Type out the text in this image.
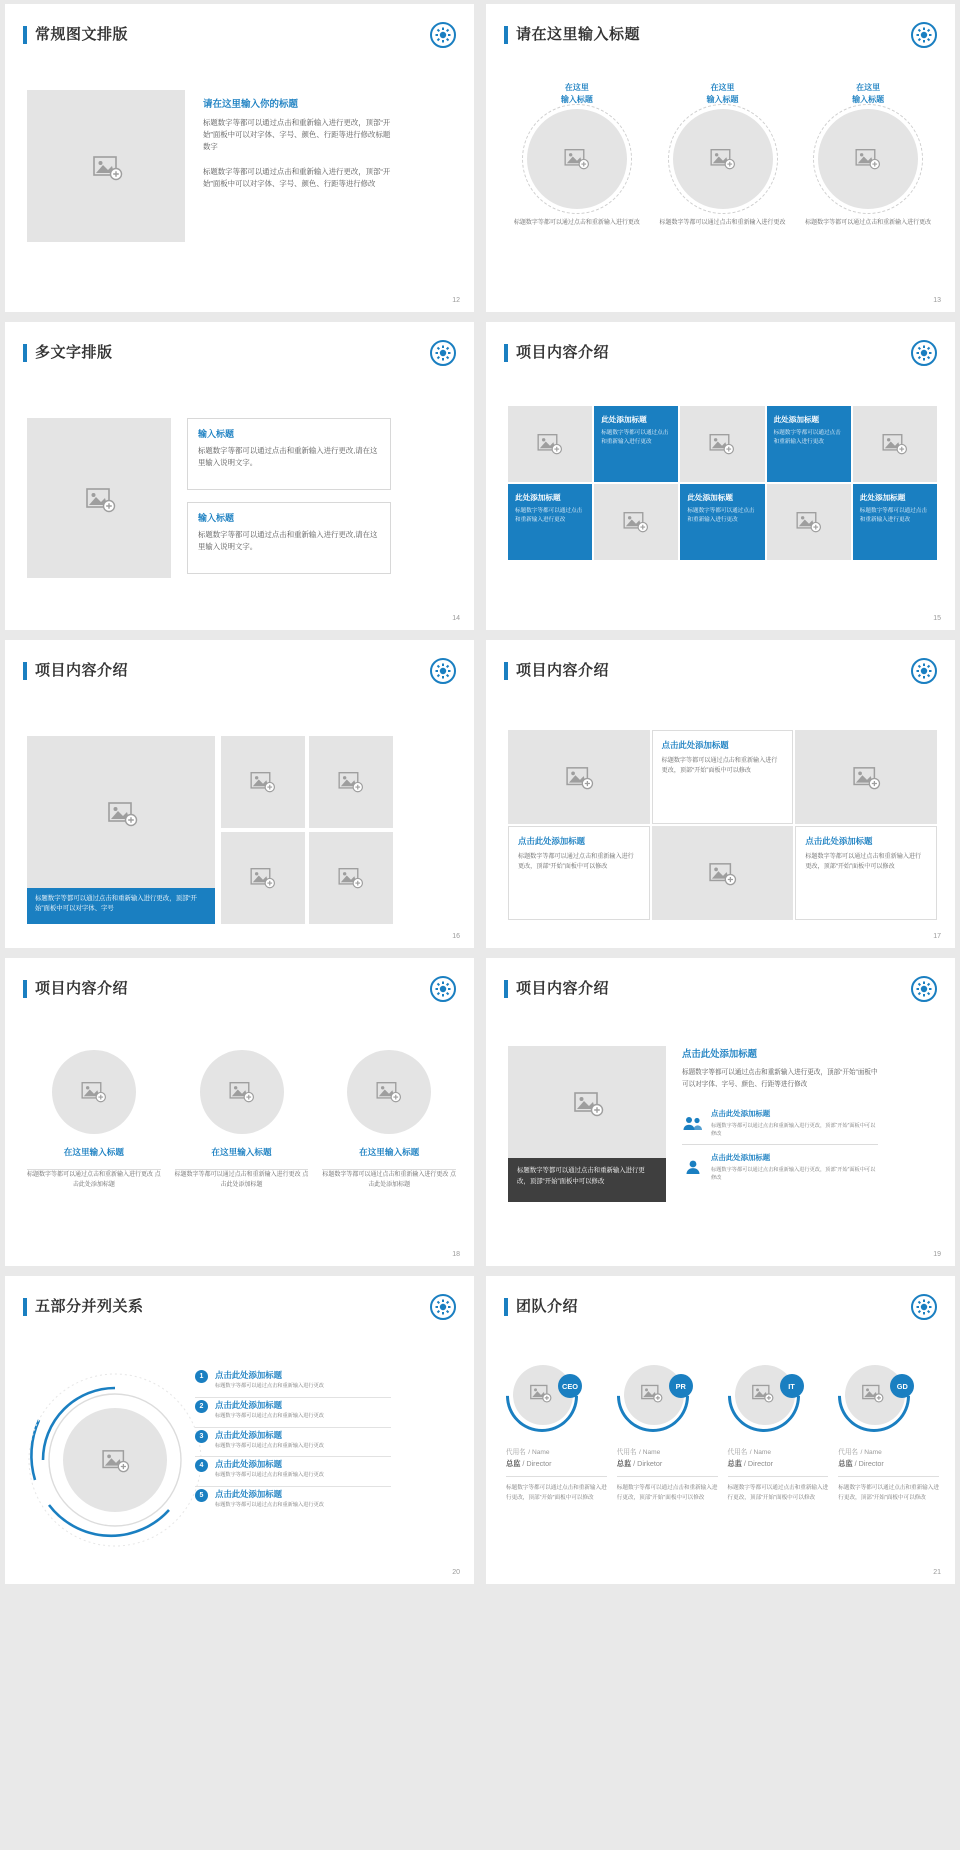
常规图文排版
请在这里输入你的标题

标题数字等都可以通过点击和重新输入进行更改，顶部“开始”面板中可以对字体、字号、颜色、行距等进行修改标题数字

标题数字等都可以通过点击和重新输入进行更改，顶部“开始”面板中可以对字体、字号、颜色、行距等进行修改

12
请在这里输入标题
在这里
输入标题
标题数字等都可以通过点击和重新输入进行更改
在这里
输入标题
标题数字等都可以通过点击和重新输入进行更改
在这里
输入标题
标题数字等都可以通过点击和重新输入进行更改
13
多文字排版
输入标题

标题数字等都可以通过点击和重新输入进行更改,请在这里输入说明文字。

输入标题

标题数字等都可以通过点击和重新输入进行更改,请在这里输入说明文字。

14
项目内容介绍
此处添加标题

标题数字等都可以通过点击和重新输入进行更改

此处添加标题

标题数字等都可以通过点击和重新输入进行更改

此处添加标题

标题数字等都可以通过点击和重新输入进行更改

此处添加标题

标题数字等都可以通过点击和重新输入进行更改

此处添加标题

标题数字等都可以通过点击和重新输入进行更改

15
项目内容介绍
标题数字等都可以通过点击和重新输入进行更改，顶部“开始”面板中可以对字体、字号
16
项目内容介绍
点击此处添加标题

标题数字等都可以通过点击和重新输入进行更改，顶部“开始”面板中可以修改

点击此处添加标题

标题数字等都可以通过点击和重新输入进行更改，顶部“开始”面板中可以修改

点击此处添加标题

标题数字等都可以通过点击和重新输入进行更改，顶部“开始”面板中可以修改

17
项目内容介绍
在这里输入标题
标题数字等都可以通过点击和重新输入进行更改 点击此处添加标题
在这里输入标题
标题数字等都可以通过点击和重新输入进行更改 点击此处添加标题
在这里输入标题
标题数字等都可以通过点击和重新输入进行更改 点击此处添加标题
18
项目内容介绍
标题数字等都可以通过点击和重新输入进行更改，顶部“开始”面板中可以修改
点击此处添加标题

标题数字等都可以通过点击和重新输入进行更改，顶部“开始”面板中可以对字体、字号、颜色、行距等进行修改

点击此处添加标题

标题数字等都可以通过点击和重新输入进行更改，顶部“开始”面板中可以修改

点击此处添加标题

标题数字等都可以通过点击和重新输入进行更改，顶部“开始”面板中可以修改

19
五部分并列关系
1	点击此处添加标题

标题数字等都可以通过点击和重新输入进行更改

2	点击此处添加标题

标题数字等都可以通过点击和重新输入进行更改

3	点击此处添加标题

标题数字等都可以通过点击和重新输入进行更改

4	点击此处添加标题

标题数字等都可以通过点击和重新输入进行更改

5	点击此处添加标题

标题数字等都可以通过点击和重新输入进行更改

20
团队介绍
CEO
代用名 / Name
总监 / Director
标题数字等都可以通过点击和重新输入进行更改，顶部“开始”面板中可以修改
PR
代用名 / Name
总监 / Dirketor
标题数字等都可以通过点击和重新输入进行更改，顶部“开始”面板中可以修改
IT
代用名 / Name
总监 / Director
标题数字等都可以通过点击和重新输入进行更改，顶部“开始”面板中可以修改
GD
代用名 / Name
总监 / Director
标题数字等都可以通过点击和重新输入进行更改，顶部“开始”面板中可以修改
21
